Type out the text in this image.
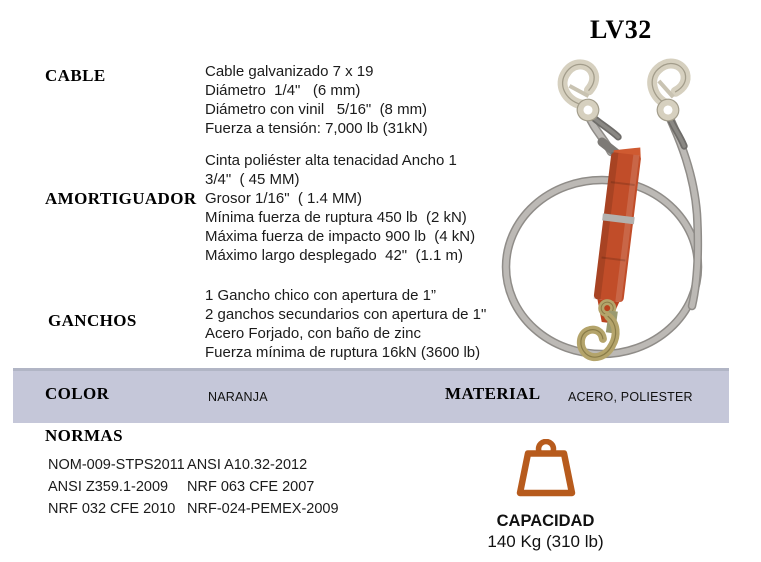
LV32
CABLE
AMORTIGUADOR
GANCHOS
Cable galvanizado 7 x 19
Diámetro  1/4"   (6 mm)
Diámetro con vinil   5/16"  (8 mm)
Fuerza a tensión: 7,000 lb (31kN)
Cinta poliéster alta tenacidad Ancho 1
3/4"  ( 45 MM)
Grosor 1/16"  ( 1.4 MM)
Mínima fuerza de ruptura 450 lb  (2 kN)
Máxima fuerza de impacto 900 lb  (4 kN)
Máximo largo desplegado  42"  (1.1 m)
1 Gancho chico con apertura de 1”
2 ganchos secundarios con apertura de 1"
Acero Forjado, con baño de zinc
Fuerza mínima de ruptura 16kN (3600 lb)
COLOR	NARANJA	MATERIAL ACERO, POLIESTER
NORMAS
NOM-009-STPS2011 ANSI A10.32-2012
ANSI Z359.1-2009 NRF 063 CFE 2007
NRF 032 CFE 2010 NRF-024-PEMEX-2009
CAPACIDAD
140 Kg (310 lb)
